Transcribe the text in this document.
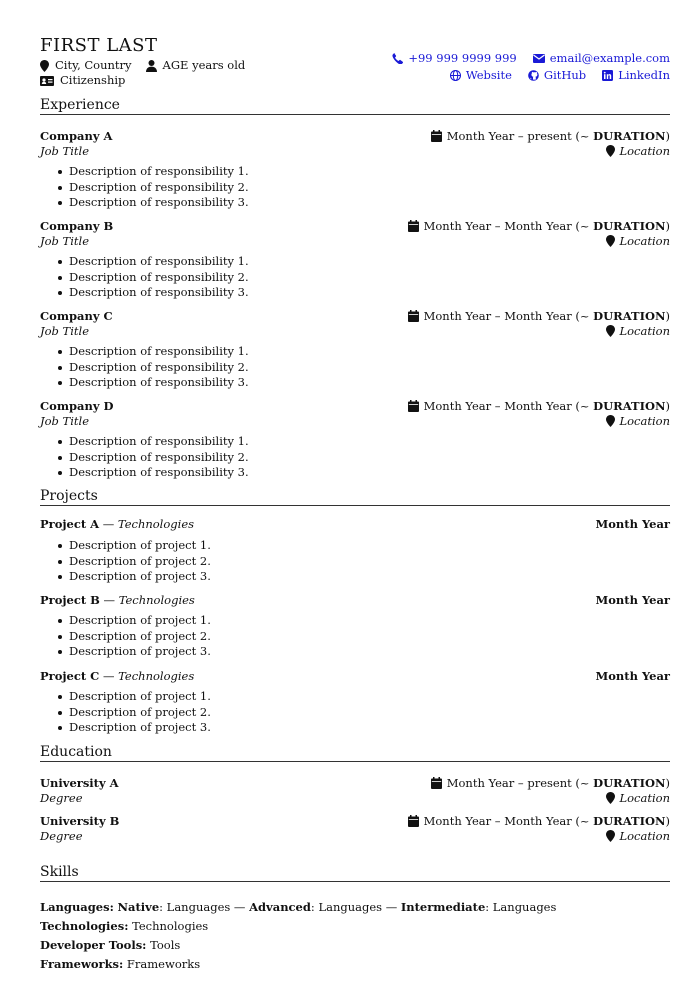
FIRST LAST
City, Country	AGE years old
Citizenship
+99 999 9999 999	email@example.com
Website	GitHub	LinkedIn
Experience
Company A	Month Year – present (~ DURATION)
Job Title	Location
Description of responsibility 1.
Description of responsibility 2.
Description of responsibility 3.
Company B	Month Year – Month Year (~ DURATION)
Job Title	Location
Description of responsibility 1.
Description of responsibility 2.
Description of responsibility 3.
Company C	Month Year – Month Year (~ DURATION)
Job Title	Location
Description of responsibility 1.
Description of responsibility 2.
Description of responsibility 3.
Company D	Month Year – Month Year (~ DURATION)
Job Title	Location
Description of responsibility 1.
Description of responsibility 2.
Description of responsibility 3.
Projects
Project A — Technologies	Month Year
Description of project 1.
Description of project 2.
Description of project 3.
Project B — Technologies	Month Year
Description of project 1.
Description of project 2.
Description of project 3.
Project C — Technologies	Month Year
Description of project 1.
Description of project 2.
Description of project 3.
Education
University A	Month Year – present (~ DURATION)
Degree	Location
University B	Month Year – Month Year (~ DURATION)
Degree	Location
Skills
Languages: Native: Languages — Advanced: Languages — Intermediate: Languages
Technologies: Technologies
Developer Tools: Tools
Frameworks: Frameworks
